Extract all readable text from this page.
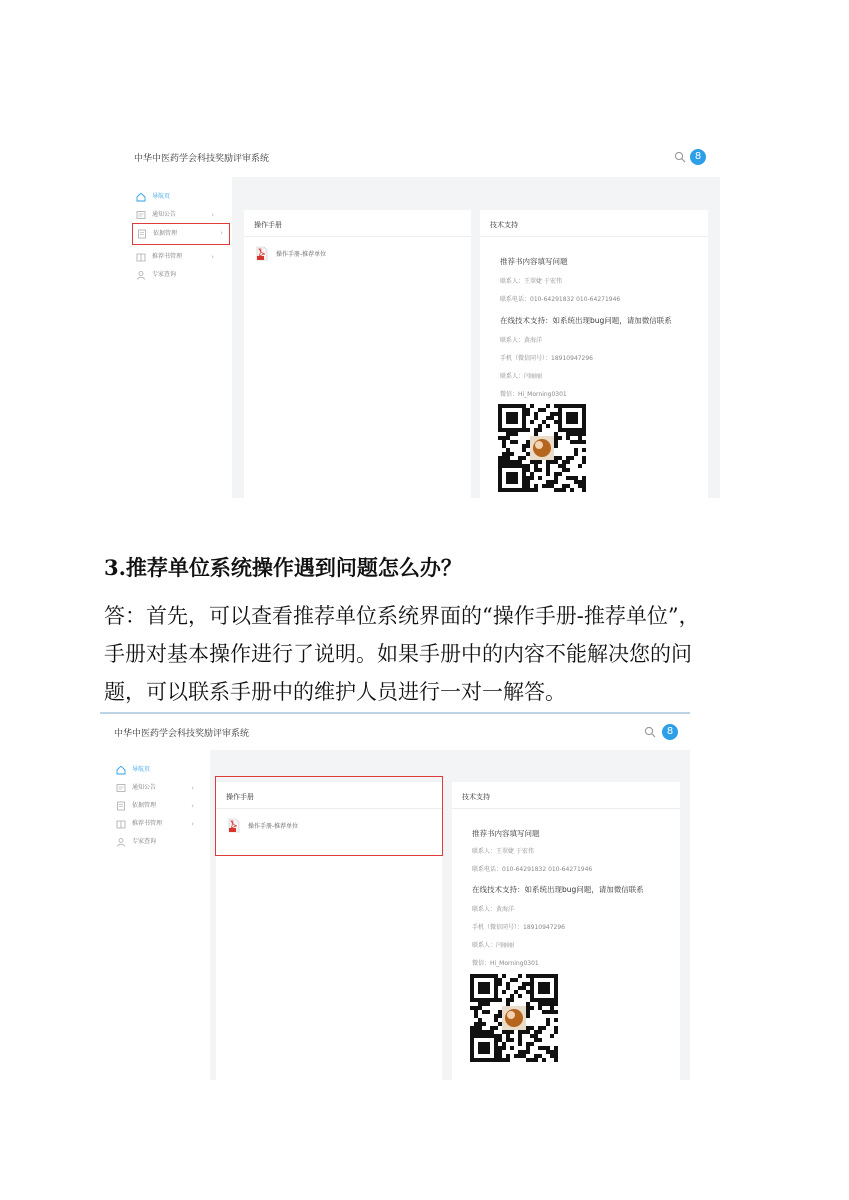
中华中医药学会科技奖励评审系统	8
导航页
通知公告	›
依据管理	›
推荐书管理	›
专家查询
操作手册
操作手册-推荐单位
技术支持
推荐书内容填写问题
联系人：王翠婕 于宏伟
联系电话：010-64291832 010-64271946
在线技术支持：如系统出现bug问题，请加微信联系
联系人：黄海洋
手机（微信同号）：18910947296
联系人：闫丽丽
微信：Hi_Morning0301
3.推荐单位系统操作遇到问题怎么办？
答：首先，可以查看推荐单位系统界面的“操作手册-推荐单位”，
手册对基本操作进行了说明。如果手册中的内容不能解决您的问
题，可以联系手册中的维护人员进行一对一解答。
中华中医药学会科技奖励评审系统	8
导航页
通知公告	›
依据管理	›
推荐书管理	›
专家查询
操作手册
操作手册-推荐单位
技术支持
推荐书内容填写问题
联系人：王翠婕 于宏伟
联系电话：010-64291832 010-64271946
在线技术支持：如系统出现bug问题，请加微信联系
联系人：黄海洋
手机（微信同号）：18910947296
联系人：闫丽丽
微信：Hi_Morning0301
